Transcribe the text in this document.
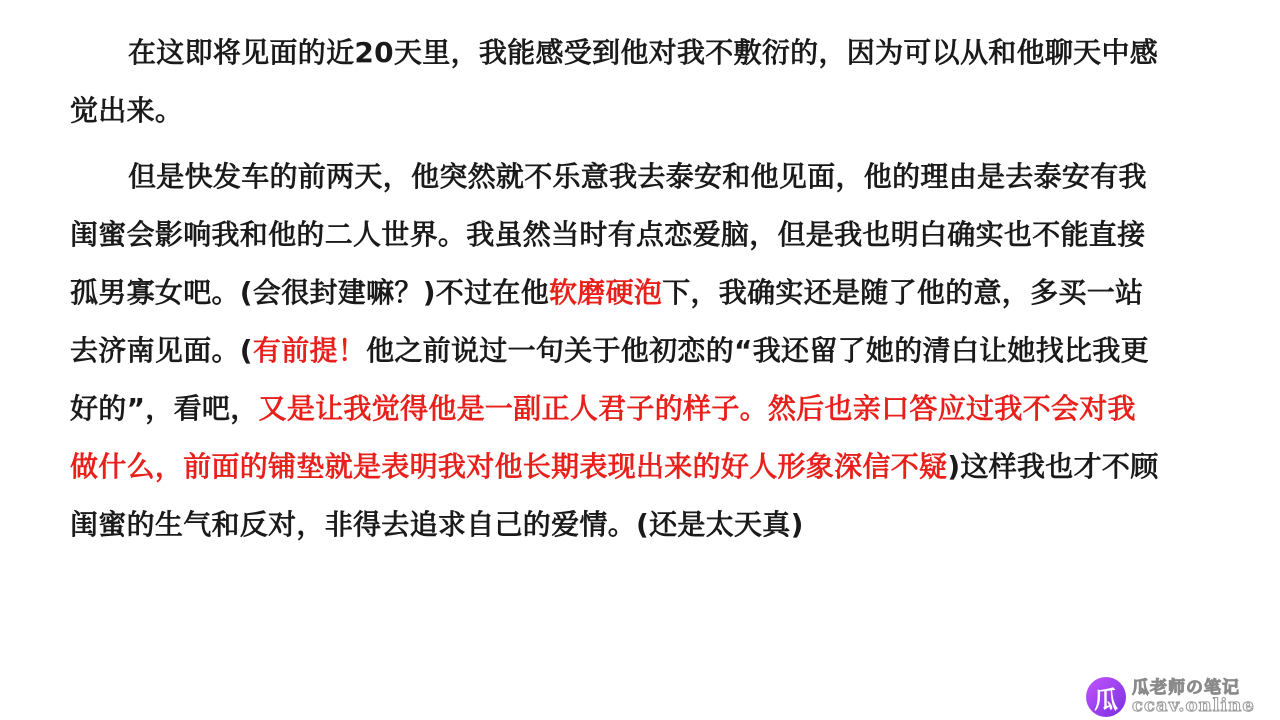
在这即将见面的近20天里，我能感受到他对我不敷衍的，因为可以从和他聊天中感觉出来。

但是快发车的前两天，他突然就不乐意我去泰安和他见面，他的理由是去泰安有我闺蜜会影响我和他的二人世界。我虽然当时有点恋爱脑，但是我也明白确实也不能直接孤男寡女吧。(会很封建嘛？)不过在他软磨硬泡下，我确实还是随了他的意，多买一站去济南见面。(有前提！他之前说过一句关于他初恋的“我还留了她的清白让她找比我更好的”，看吧，又是让我觉得他是一副正人君子的样子。然后也亲口答应过我不会对我做什么，前面的铺垫就是表明我对他长期表现出来的好人形象深信不疑)这样我也才不顾闺蜜的生气和反对，非得去追求自己的爱情。(还是太天真)

瓜 瓜老师の笔记
ccav.online
